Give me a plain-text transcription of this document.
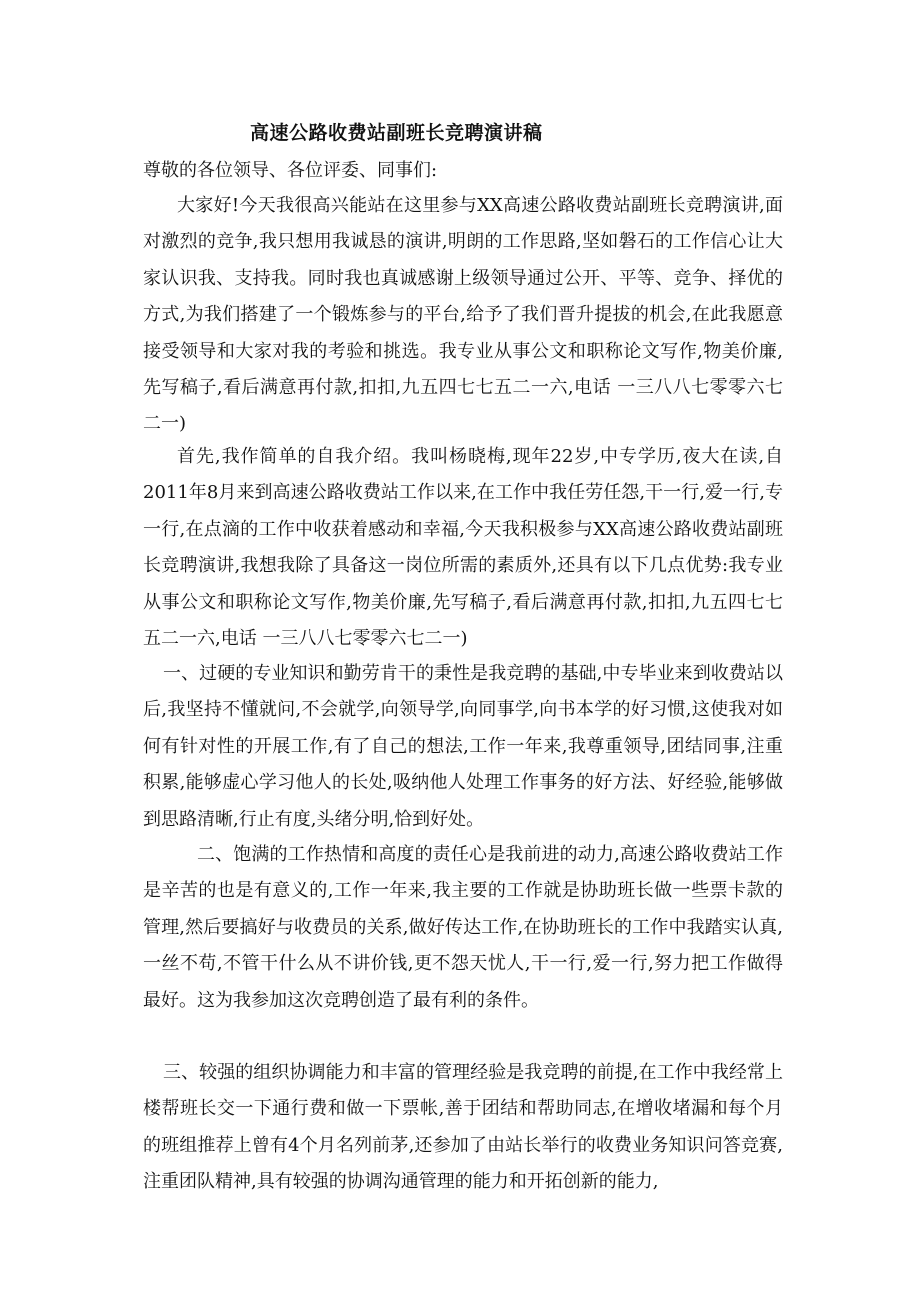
高速公路收费站副班长竞聘演讲稿
尊敬的各位领导、各位评委、同事们:

大家好!今天我很高兴能站在这里参与XX高速公路收费站副班长竞聘演讲,面对激烈的竞争,我只想用我诚恳的演讲,明朗的工作思路,坚如磐石的工作信心让大家认识我、支持我。同时我也真诚感谢上级领导通过公开、平等、竞争、择优的方式,为我们搭建了一个锻炼参与的平台,给予了我们晋升提拔的机会,在此我愿意接受领导和大家对我的考验和挑选。我专业从事公文和职称论文写作,物美价廉,先写稿子,看后满意再付款,扣扣,九五四七七五二一六,电话 一三八八七零零六七二一)

首先,我作简单的自我介绍。我叫杨晓梅,现年22岁,中专学历,夜大在读,自2011年8月来到高速公路收费站工作以来,在工作中我任劳任怨,干一行,爱一行,专一行,在点滴的工作中收获着感动和幸福,今天我积极参与XX高速公路收费站副班长竞聘演讲,我想我除了具备这一岗位所需的素质外,还具有以下几点优势:我专业从事公文和职称论文写作,物美价廉,先写稿子,看后满意再付款,扣扣,九五四七七五二一六,电话 一三八八七零零六七二一)

一、过硬的专业知识和勤劳肯干的秉性是我竞聘的基础,中专毕业来到收费站以后,我坚持不懂就问,不会就学,向领导学,向同事学,向书本学的好习惯,这使我对如何有针对性的开展工作,有了自己的想法,工作一年来,我尊重领导,团结同事,注重积累,能够虚心学习他人的长处,吸纳他人处理工作事务的好方法、好经验,能够做到思路清晰,行止有度,头绪分明,恰到好处。

二、饱满的工作热情和高度的责任心是我前进的动力,高速公路收费站工作是辛苦的也是有意义的,工作一年来,我主要的工作就是协助班长做一些票卡款的管理,然后要搞好与收费员的关系,做好传达工作,在协助班长的工作中我踏实认真,一丝不苟,不管干什么从不讲价钱,更不怨天忧人,干一行,爱一行,努力把工作做得最好。这为我参加这次竞聘创造了最有利的条件。

三、较强的组织协调能力和丰富的管理经验是我竞聘的前提,在工作中我经常上楼帮班长交一下通行费和做一下票帐,善于团结和帮助同志,在增收堵漏和每个月的班组推荐上曾有4个月名列前茅,还参加了由站长举行的收费业务知识问答竞赛,注重团队精神,具有较强的协调沟通管理的能力和开拓创新的能力,
